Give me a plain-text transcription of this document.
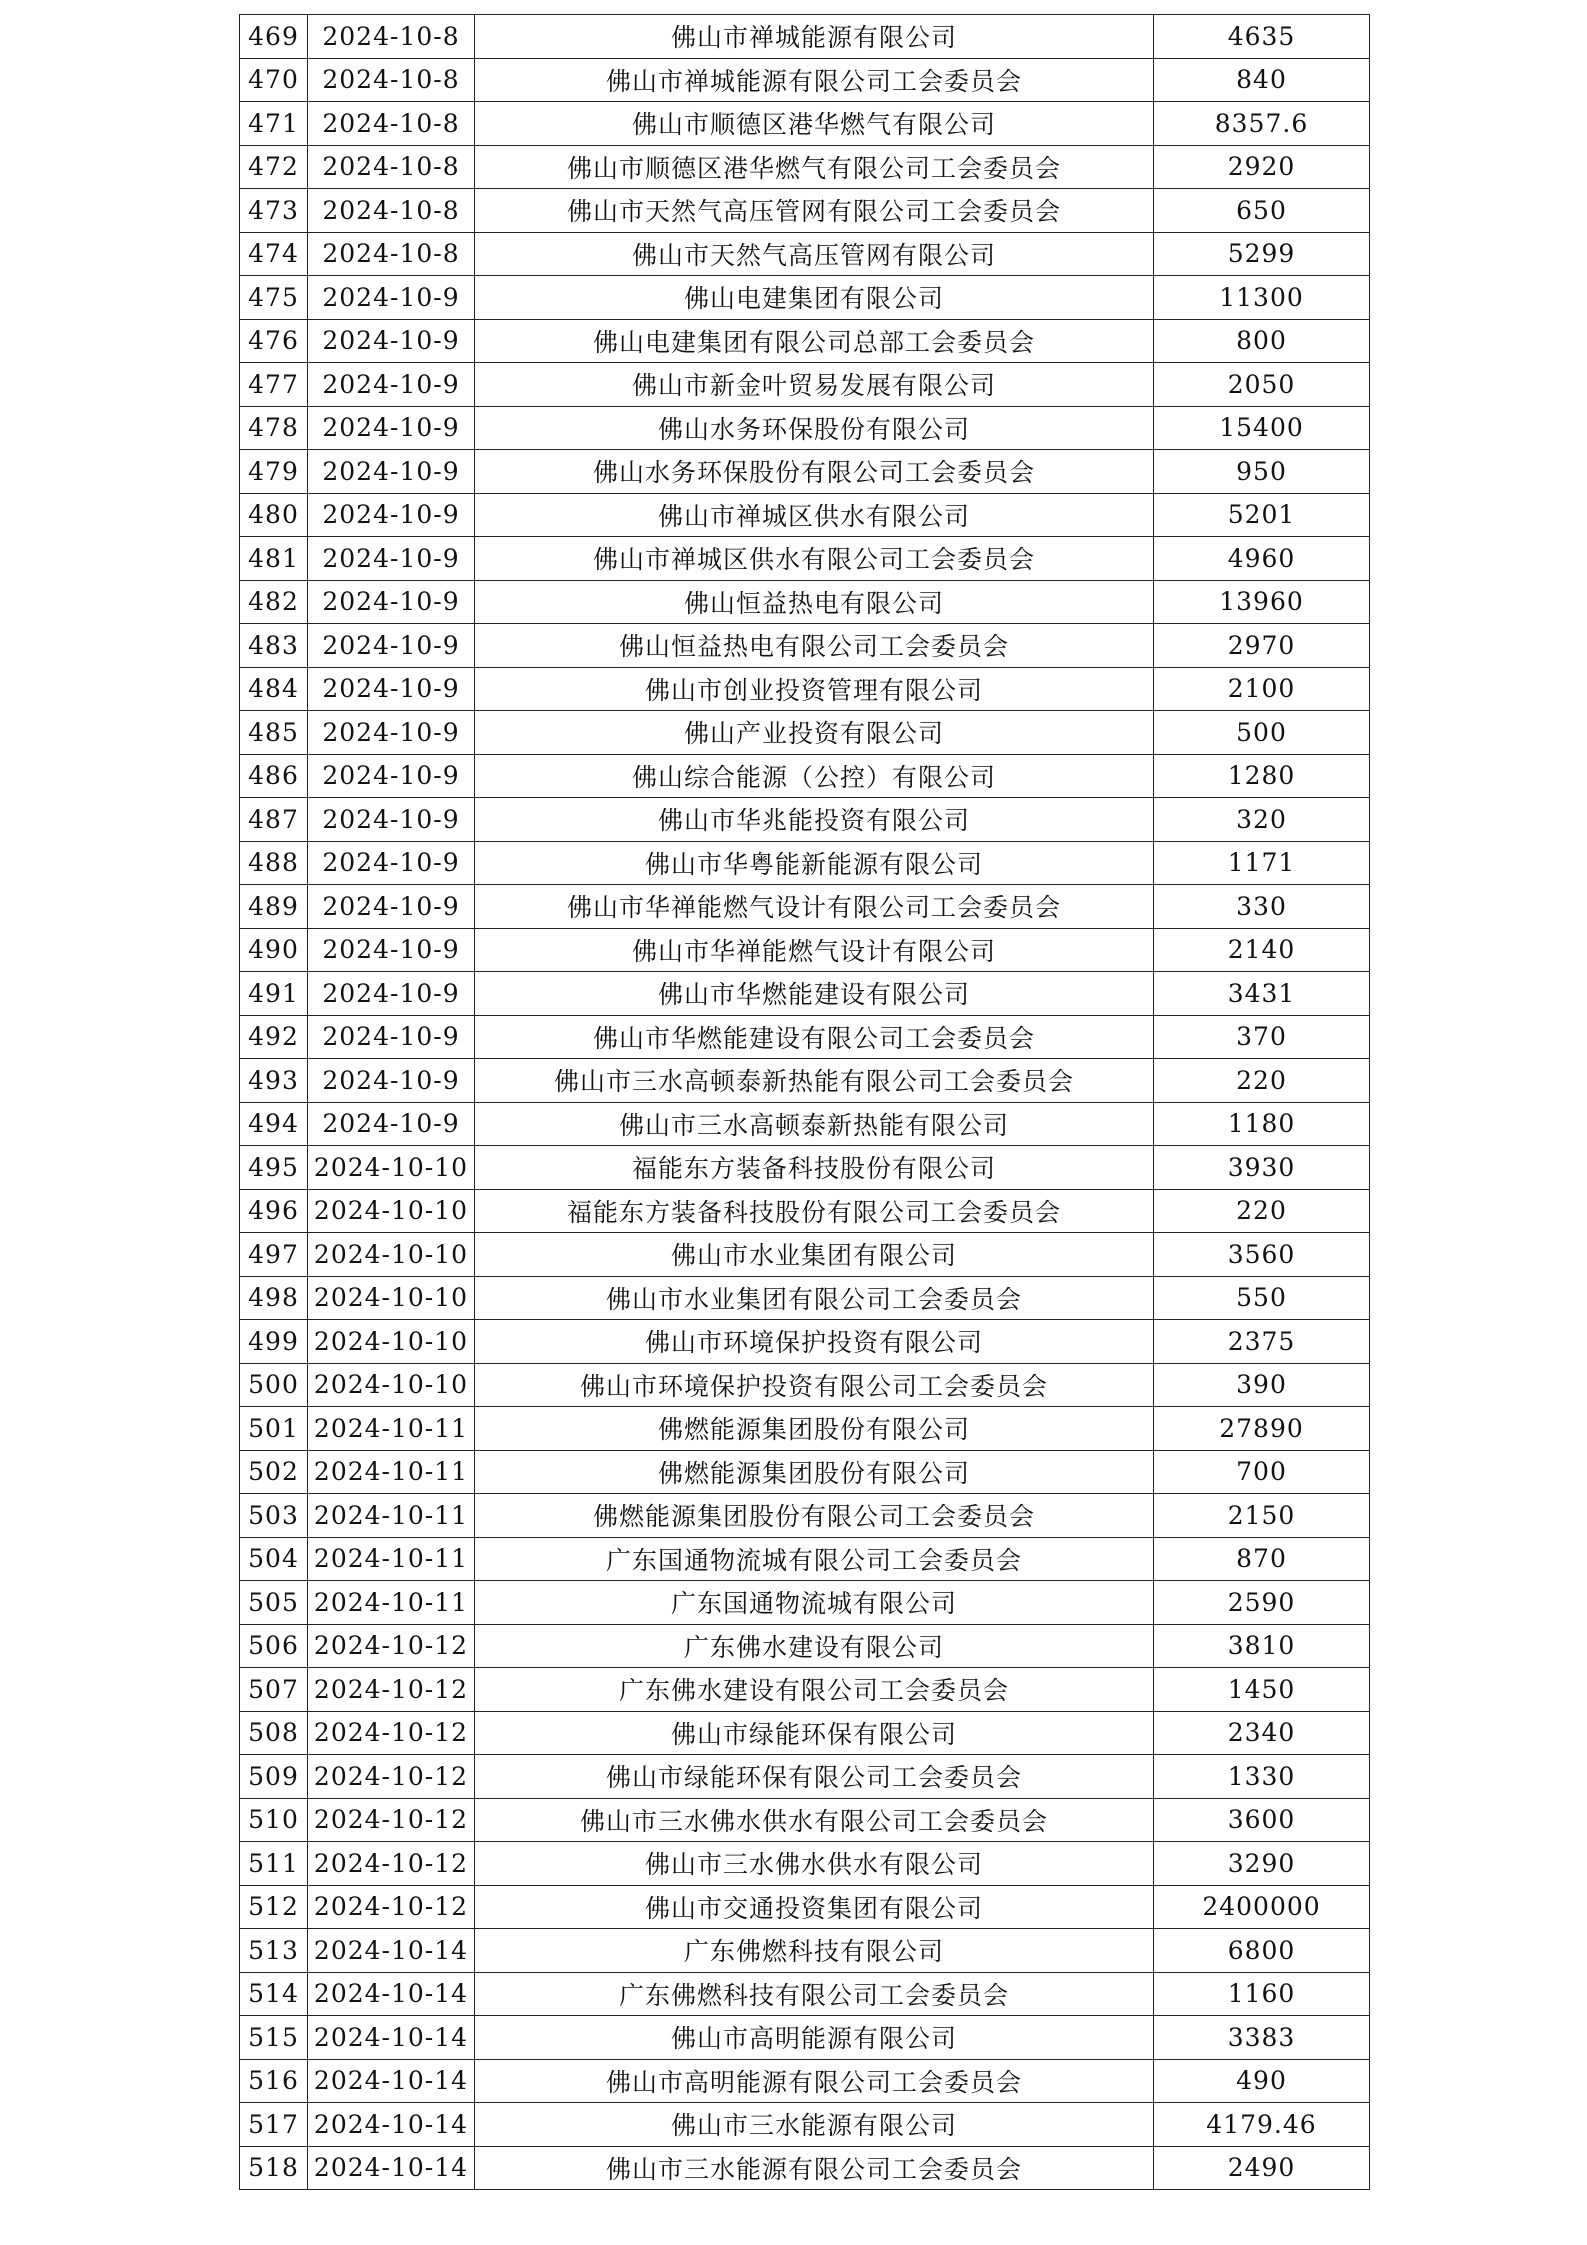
469	2024-10-8	佛山市禅城能源有限公司	4635
470	2024-10-8	佛山市禅城能源有限公司工会委员会	840
471	2024-10-8	佛山市顺德区港华燃气有限公司	8357.6
472	2024-10-8	佛山市顺德区港华燃气有限公司工会委员会	2920
473	2024-10-8	佛山市天然气高压管网有限公司工会委员会	650
474	2024-10-8	佛山市天然气高压管网有限公司	5299
475	2024-10-9	佛山电建集团有限公司	11300
476	2024-10-9	佛山电建集团有限公司总部工会委员会	800
477	2024-10-9	佛山市新金叶贸易发展有限公司	2050
478	2024-10-9	佛山水务环保股份有限公司	15400
479	2024-10-9	佛山水务环保股份有限公司工会委员会	950
480	2024-10-9	佛山市禅城区供水有限公司	5201
481	2024-10-9	佛山市禅城区供水有限公司工会委员会	4960
482	2024-10-9	佛山恒益热电有限公司	13960
483	2024-10-9	佛山恒益热电有限公司工会委员会	2970
484	2024-10-9	佛山市创业投资管理有限公司	2100
485	2024-10-9	佛山产业投资有限公司	500
486	2024-10-9	佛山综合能源（公控）有限公司	1280
487	2024-10-9	佛山市华兆能投资有限公司	320
488	2024-10-9	佛山市华粤能新能源有限公司	1171
489	2024-10-9	佛山市华禅能燃气设计有限公司工会委员会	330
490	2024-10-9	佛山市华禅能燃气设计有限公司	2140
491	2024-10-9	佛山市华燃能建设有限公司	3431
492	2024-10-9	佛山市华燃能建设有限公司工会委员会	370
493	2024-10-9	佛山市三水高顿泰新热能有限公司工会委员会	220
494	2024-10-9	佛山市三水高顿泰新热能有限公司	1180
495	2024-10-10	福能东方装备科技股份有限公司	3930
496	2024-10-10	福能东方装备科技股份有限公司工会委员会	220
497	2024-10-10	佛山市水业集团有限公司	3560
498	2024-10-10	佛山市水业集团有限公司工会委员会	550
499	2024-10-10	佛山市环境保护投资有限公司	2375
500	2024-10-10	佛山市环境保护投资有限公司工会委员会	390
501	2024-10-11	佛燃能源集团股份有限公司	27890
502	2024-10-11	佛燃能源集团股份有限公司	700
503	2024-10-11	佛燃能源集团股份有限公司工会委员会	2150
504	2024-10-11	广东国通物流城有限公司工会委员会	870
505	2024-10-11	广东国通物流城有限公司	2590
506	2024-10-12	广东佛水建设有限公司	3810
507	2024-10-12	广东佛水建设有限公司工会委员会	1450
508	2024-10-12	佛山市绿能环保有限公司	2340
509	2024-10-12	佛山市绿能环保有限公司工会委员会	1330
510	2024-10-12	佛山市三水佛水供水有限公司工会委员会	3600
511	2024-10-12	佛山市三水佛水供水有限公司	3290
512	2024-10-12	佛山市交通投资集团有限公司	2400000
513	2024-10-14	广东佛燃科技有限公司	6800
514	2024-10-14	广东佛燃科技有限公司工会委员会	1160
515	2024-10-14	佛山市高明能源有限公司	3383
516	2024-10-14	佛山市高明能源有限公司工会委员会	490
517	2024-10-14	佛山市三水能源有限公司	4179.46
518	2024-10-14	佛山市三水能源有限公司工会委员会	2490
